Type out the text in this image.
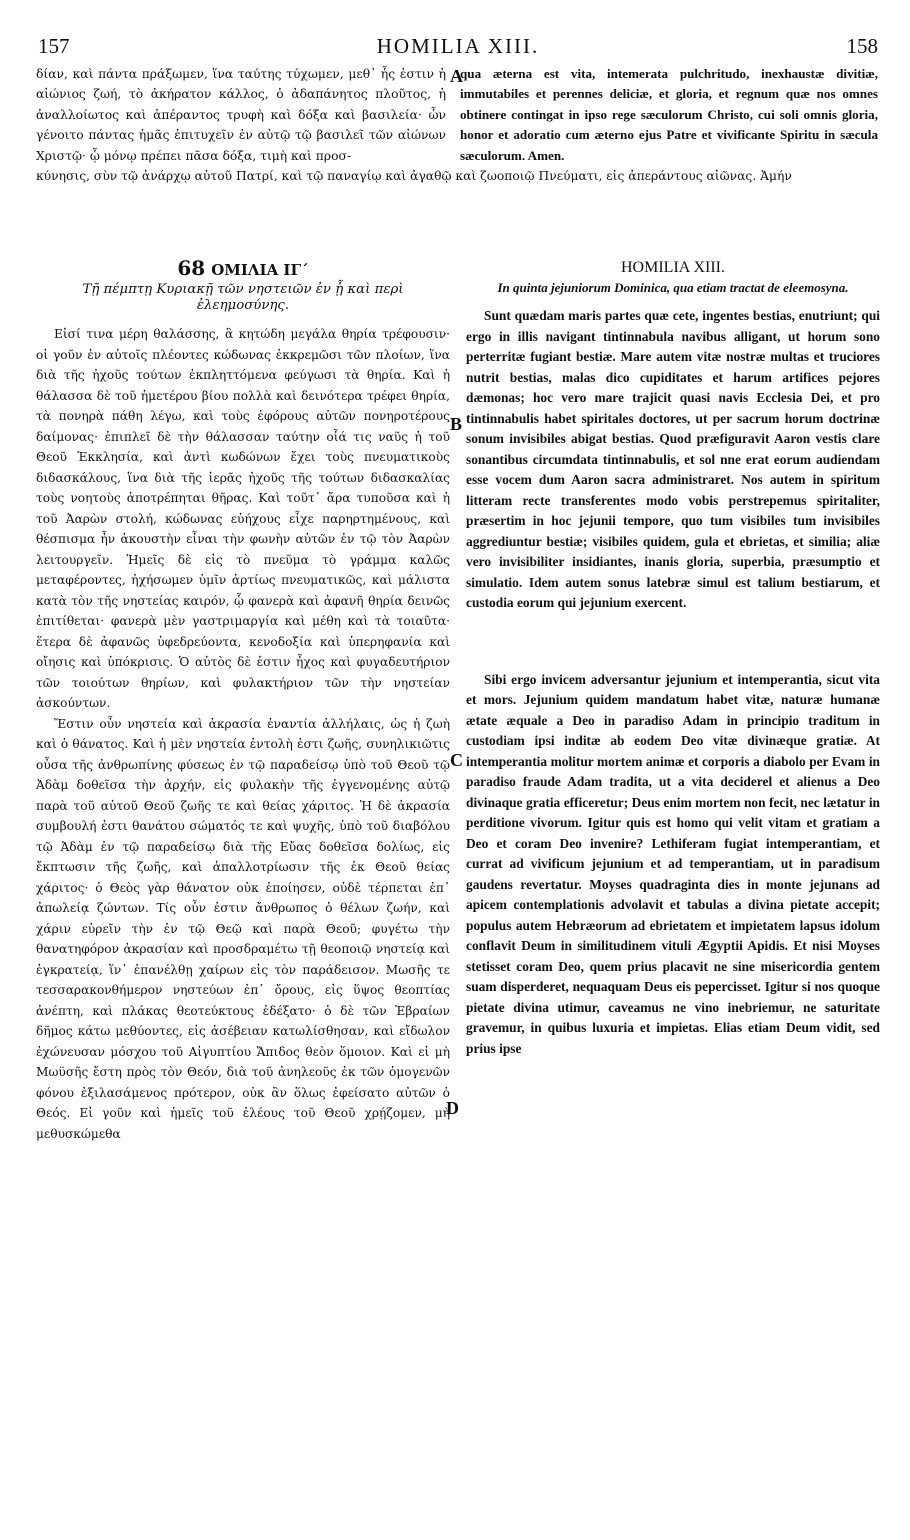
157	HOMILIA XIII.	158
δίαν, καὶ πάντα πράξωμεν, ἵνα ταύτης τύχωμεν, μεθ᾽ ἧς ἐστιν ἡ αἰώνιος ζωή, τὸ ἀκήρατον κάλλος, ὁ ἀδαπάνητος πλοῦτος, ἡ ἀναλλοίωτος καὶ ἀπέραντος τρυφὴ καὶ δόξα καὶ βασιλεία· ὧν γένοιτο πάντας ἡμᾶς ἐπιτυχεῖν ἐν αὐτῷ τῷ βασιλεῖ τῶν αἰώνων Χριστῷ· ᾧ μόνῳ πρέπει πᾶσα δόξα, τιμὴ καὶ προσ-
qua æterna est vita, intemerata pulchritudo, inexhaustæ divitiæ, immutabiles et perennes deliciæ, et gloria, et regnum quæ nos omnes obtinere contingat in ipso rege sæculorum Christo, cui soli omnis gloria, honor et adoratio cum æterno ejus Patre et vivificante Spiritu in sæcula sæculorum. Amen.
κύνησις, σὺν τῷ ἀνάρχῳ αὐτοῦ Πατρί, καὶ τῷ παναγίῳ καὶ ἀγαθῷ καὶ ζωοποιῷ Πνεύματι, εἰς ἀπεράντους αἰῶνας. Ἀμήν
A
B
C
D
68 ΟΜΙΛΙΑ ΙΓ´
Τῇ πέμπτῃ Κυριακῇ τῶν νηστειῶν ἐν ᾗ καὶ περὶ ἐλεημοσύνης.

Εἰσί τινα μέρη θαλάσσης, ἃ κητώδη μεγάλα θηρία τρέφουσιν· οἱ γοῦν ἐν αὐτοῖς πλέοντες κώδωνας ἐκκρεμῶσι τῶν πλοίων, ἵνα διὰ τῆς ἠχοῦς τούτων ἐκπληττόμενα φεύγωσι τὰ θηρία. Καὶ ἡ θάλασσα δὲ τοῦ ἡμετέρου βίου πολλὰ καὶ δεινότερα τρέφει θηρία, τὰ πονηρὰ πάθη λέγω, καὶ τοὺς ἐφόρους αὐτῶν πονηροτέρους δαίμονας· ἐπιπλεῖ δὲ τὴν θάλασσαν ταύτην οἷά τις ναῦς ἡ τοῦ Θεοῦ Ἐκκλησία, καὶ ἀντὶ κωδώνων ἔχει τοὺς πνευματικοὺς διδασκάλους, ἵνα διὰ τῆς ἱερᾶς ἠχοῦς τῆς τούτων διδασκαλίας τοὺς νοητοὺς ἀποτρέπηται θῆρας. Καὶ τοῦτ᾽ ἄρα τυποῦσα καὶ ἡ τοῦ Ἀαρὼν στολή, κώδωνας εὐήχους εἶχε παρηρτημένους, καὶ θέσπισμα ἦν ἀκουστὴν εἶναι τὴν φωνὴν αὐτῶν ἐν τῷ τὸν Ἀαρὼν λειτουργεῖν. Ἡμεῖς δὲ εἰς τὸ πνεῦμα τὸ γράμμα καλῶς μεταφέροντες, ἠχήσωμεν ὑμῖν ἀρτίως πνευματικῶς, καὶ μάλιστα κατὰ τὸν τῆς νηστείας καιρόν, ᾧ φανερὰ καὶ ἀφανῆ θηρία δεινῶς ἐπιτίθεται· φανερὰ μὲν γαστριμαργία καὶ μέθη καὶ τὰ τοιαῦτα· ἕτερα δὲ ἀφανῶς ὑφεδρεύοντα, κενοδοξία καὶ ὑπερηφανία καὶ οἴησις καὶ ὑπόκρισις. Ὁ αὐτὸς δὲ ἐστιν ἦχος καὶ φυγαδευτήριον τῶν τοιούτων θηρίων, καὶ φυλακτήριον τῶν τὴν νηστείαν ἀσκούντων.

Ἔστιν οὖν νηστεία καὶ ἀκρασία ἐναντία ἀλλήλαις, ὡς ἡ ζωὴ καὶ ὁ θάνατος. Καὶ ἡ μὲν νηστεία ἐντολὴ ἐστι ζωῆς, συνηλικιῶτις οὖσα τῆς ἀνθρωπίνης φύσεως ἐν τῷ παραδείσῳ ὑπὸ τοῦ Θεοῦ τῷ Ἀδὰμ δοθεῖσα τὴν ἀρχήν, εἰς φυλακὴν τῆς ἐγγενομένης αὐτῷ παρὰ τοῦ αὐτοῦ Θεοῦ ζωῆς τε καὶ θείας χάριτος. Ἡ δὲ ἀκρασία συμβουλή ἐστι θανάτου σώματός τε καὶ ψυχῆς, ὑπὸ τοῦ διαβόλου τῷ Ἀδὰμ ἐν τῷ παραδείσῳ διὰ τῆς Εὔας δοθεῖσα δολίως, εἰς ἔκπτωσιν τῆς ζωῆς, καὶ ἀπαλλοτρίωσιν τῆς ἐκ Θεοῦ θείας χάριτος· ὁ Θεὸς γὰρ θάνατον οὐκ ἐποίησεν, οὐδὲ τέρπεται ἐπ᾽ ἀπωλείᾳ ζώντων. Τίς οὖν ἐστιν ἄνθρωπος ὁ θέλων ζωήν, καὶ χάριν εὑρεῖν τὴν ἐν τῷ Θεῷ καὶ παρὰ Θεοῦ; φυγέτω τὴν θανατηφόρον ἀκρασίαν καὶ προσδραμέτω τῇ θεοποιῷ νηστείᾳ καὶ ἐγκρατείᾳ, ἵν᾽ ἐπανέλθῃ χαίρων εἰς τὸν παράδεισον. Μωσῆς τε τεσσαρακονθήμερον νηστεύων ἐπ᾽ ὄρους, εἰς ὕψος θεοπτίας ἀνέπτη, καὶ πλάκας θεοτεύκτους ἐδέξατο· ὁ δὲ τῶν Ἑβραίων δῆμος κάτω μεθύοντες, εἰς ἀσέβειαν κατωλίσθησαν, καὶ εἴδωλον ἐχώνευσαν μόσχου τοῦ Αἰγυπτίου Ἄπιδος θεὸν ὅμοιον. Καὶ εἰ μὴ Μωϋσῆς ἔστη πρὸς τὸν Θεόν, διὰ τοῦ ἀνηλεοῦς ἐκ τῶν ὁμογενῶν φόνου ἐξιλασάμενος πρότερον, οὐκ ἂν ὅλως ἐφείσατο αὐτῶν ὁ Θεός. Εἰ γοῦν καὶ ἡμεῖς τοῦ ἐλέους τοῦ Θεοῦ χρῄζομεν, μὴ μεθυσκώμεθα

HOMILIA XIII.
In quinta jejuniorum Dominica, qua etiam tractat de eleemosyna.

Sunt quædam maris partes quæ cete, ingentes bestias, enutriunt; qui ergo in illis navigant tintinnabula navibus alligant, ut horum sono perterritæ fugiant bestiæ. Mare autem vitæ nostræ multas et truciores nutrit bestias, malas dico cupiditates et harum artifices pejores dæmonas; hoc vero mare trajicit quasi navis Ecclesia Dei, et pro tintinnabulis habet spiritales doctores, ut per sacrum horum doctrinæ sonum invisibiles abigat bestias. Quod præfiguravit Aaron vestis clare sonantibus circumdata tintinnabulis, et sol nne erat eorum audiendam esse vocem dum Aaron sacra administraret. Nos autem in spiritum litteram recte transferentes modo vobis perstrepemus spiritaliter, præsertim in hoc jejunii tempore, quo tum visibiles tum invisibiles aggrediuntur bestiæ; visibiles quidem, gula et ebrietas, et similia; aliæ vero invisibiliter insidiantes, inanis gloria, superbia, præsumptio et simulatio. Idem autem sonus latebræ simul est talium bestiarum, et custodia eorum qui jejunium exercent.

Sibi ergo invicem adversantur jejunium et intemperantia, sicut vita et mors. Jejunium quidem mandatum habet vitæ, naturæ humanæ ætate æquale a Deo in paradiso Adam in principio traditum in custodiam ipsi inditæ ab eodem Deo vitæ divinæque gratiæ. At intemperantia molitur mortem animæ et corporis a diabolo per Evam in paradiso fraude Adam tradita, ut a vita deciderel et alienus a Deo divinaque gratia efficeretur; Deus enim mortem non fecit, nec lætatur in perditione vivorum. Igitur quis est homo qui velit vitam et gratiam a Deo et coram Deo invenire? Lethiferam fugiat intemperantiam, et currat ad vivificum jejunium et ad temperantiam, ut in paradisum gaudens revertatur. Moyses quadraginta dies in monte jejunans ad apicem contemplationis advolavit et tabulas a divina pietate accepit; populus autem Hebræorum ad ebrietatem et impietatem lapsus idolum conflavit Deum in similitudinem vituli Ægyptii Apidis. Et nisi Moyses stetisset coram Deo, quem prius placavit ne sine misericordia gentem suam disperderet, nequaquam Deus eis pepercisset. Igitur si nos quoque pietate divina utimur, caveamus ne vino inebriemur, ne saturitate gravemur, in quibus luxuria et impietas. Elias etiam Deum vidit, sed prius ipse
